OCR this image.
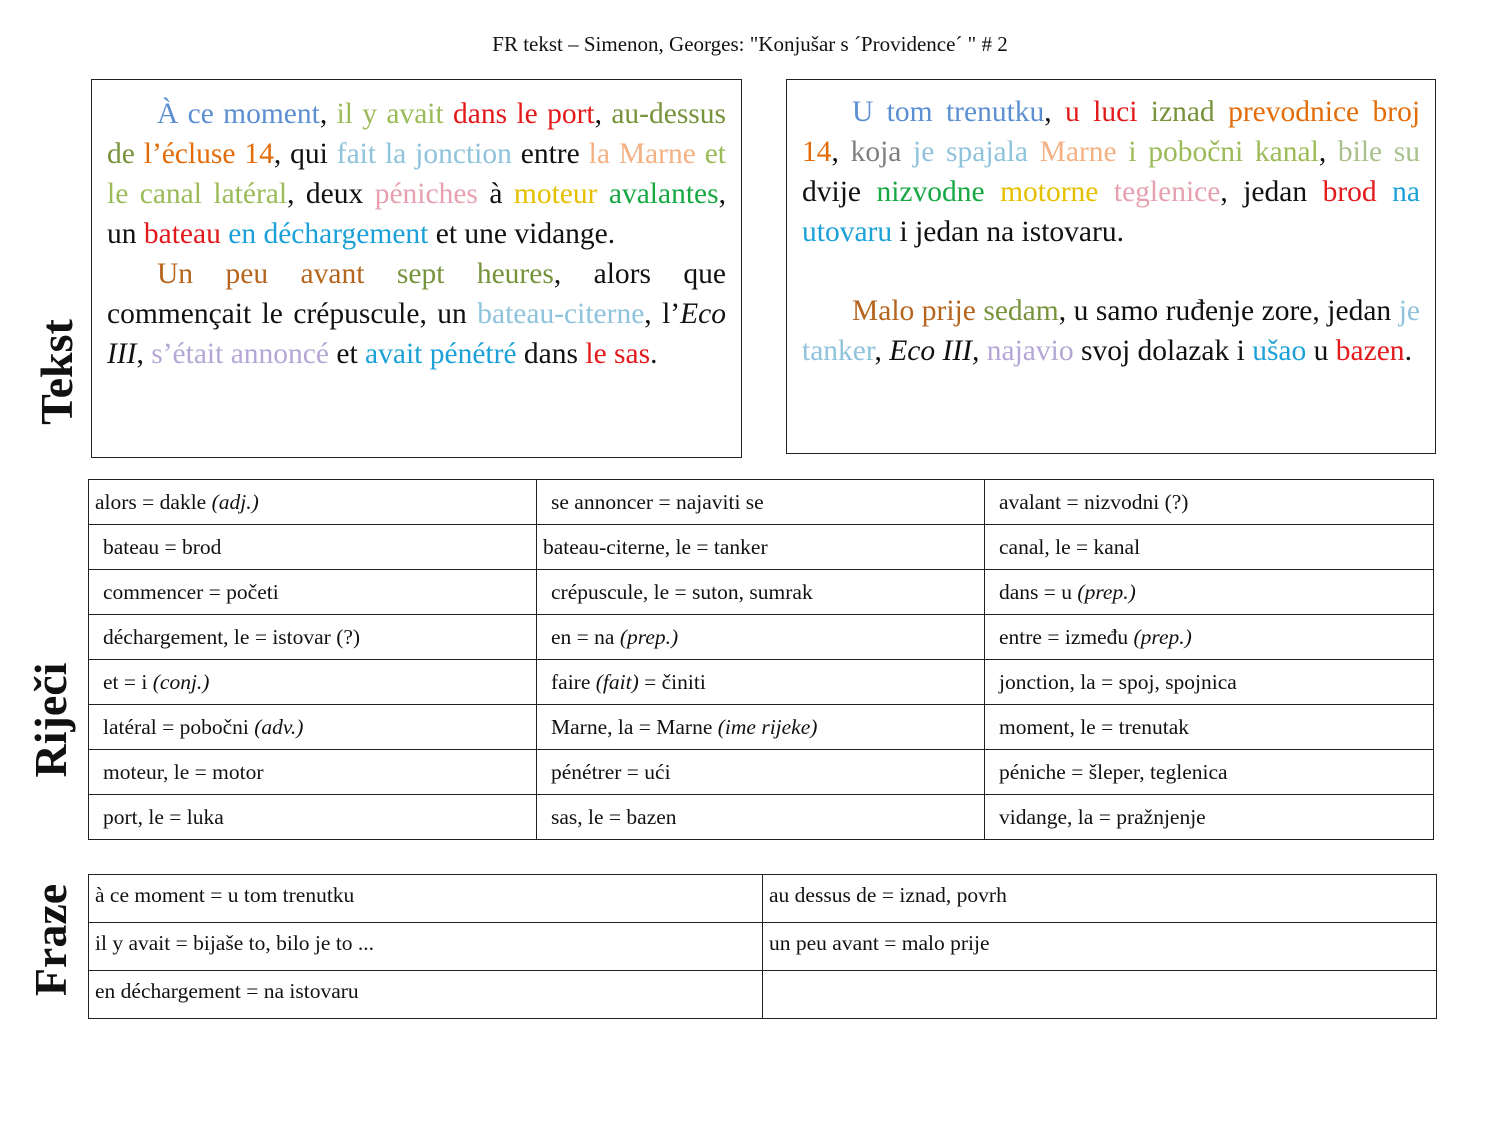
FR tekst – Simenon, Georges: "Konjušar s ´Providence´ " # 2
Tekst
Riječi
Fraze

À ce moment, il y avait dans le port, au-dessus de l’écluse 14, qui fait la jonction entre la Marne et le canal latéral, deux péniches à moteur avalantes, un bateau en déchargement et une vidange.

Un peu avant sept heures, alors que commençait le crépuscule, un bateau-citerne, l’Eco III, s’était annoncé et avait pénétré dans le sas.

U tom trenutku, u luci iznad prevodnice broj 14, koja je spajala Marne i pobočni kanal, bile su dvije nizvodne motorne teglenice, jedan brod na utovaru i jedan na istovaru.

Malo prije sedam, u samo ruđenje zore, jedan je tanker, Eco III, najavio svoj dolazak i ušao u bazen.

alors = dakle (adj.)	se annoncer = najaviti se	avalant = nizvodni (?)
bateau = brod	bateau-citerne, le = tanker	canal, le = kanal
commencer = početi	crépuscule, le = suton, sumrak	dans = u (prep.)
déchargement, le = istovar (?)	en = na (prep.)	entre = između (prep.)
et = i (conj.)	faire (fait) = činiti	jonction, la = spoj, spojnica
latéral = pobočni (adv.)	Marne, la = Marne (ime rijeke)	moment, le = trenutak
moteur, le = motor	pénétrer = ući	péniche = šleper, teglenica
port, le = luka	sas, le = bazen	vidange, la = pražnjenje
à ce moment = u tom trenutku	au dessus de = iznad, povrh
il y avait = bijaše to, bilo je to ...	un peu avant = malo prije
en déchargement = na istovaru	
